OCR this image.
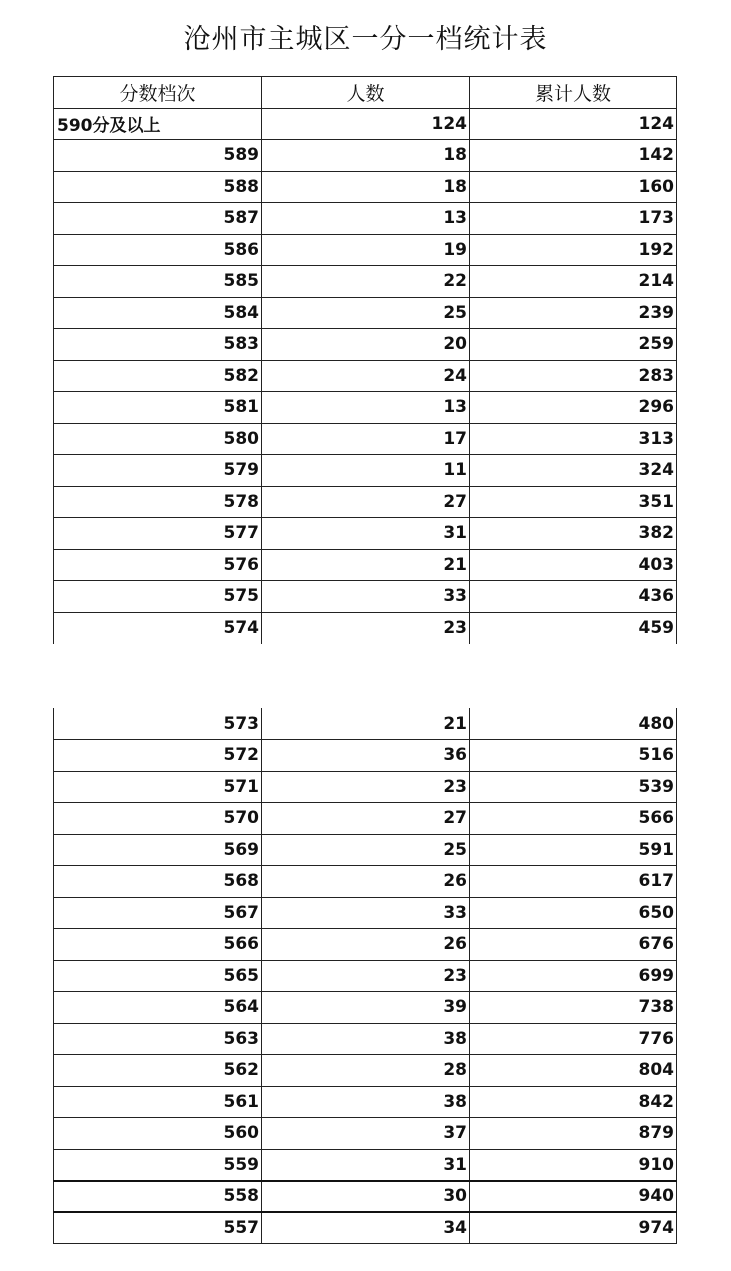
沧州市主城区一分一档统计表
分数档次	人数	累计人数
590分及以上	124	124
589	18	142
588	18	160
587	13	173
586	19	192
585	22	214
584	25	239
583	20	259
582	24	283
581	13	296
580	17	313
579	11	324
578	27	351
577	31	382
576	21	403
575	33	436
574	23	459
573	21	480
572	36	516
571	23	539
570	27	566
569	25	591
568	26	617
567	33	650
566	26	676
565	23	699
564	39	738
563	38	776
562	28	804
561	38	842
560	37	879
559	31	910
558	30	940
557	34	974
